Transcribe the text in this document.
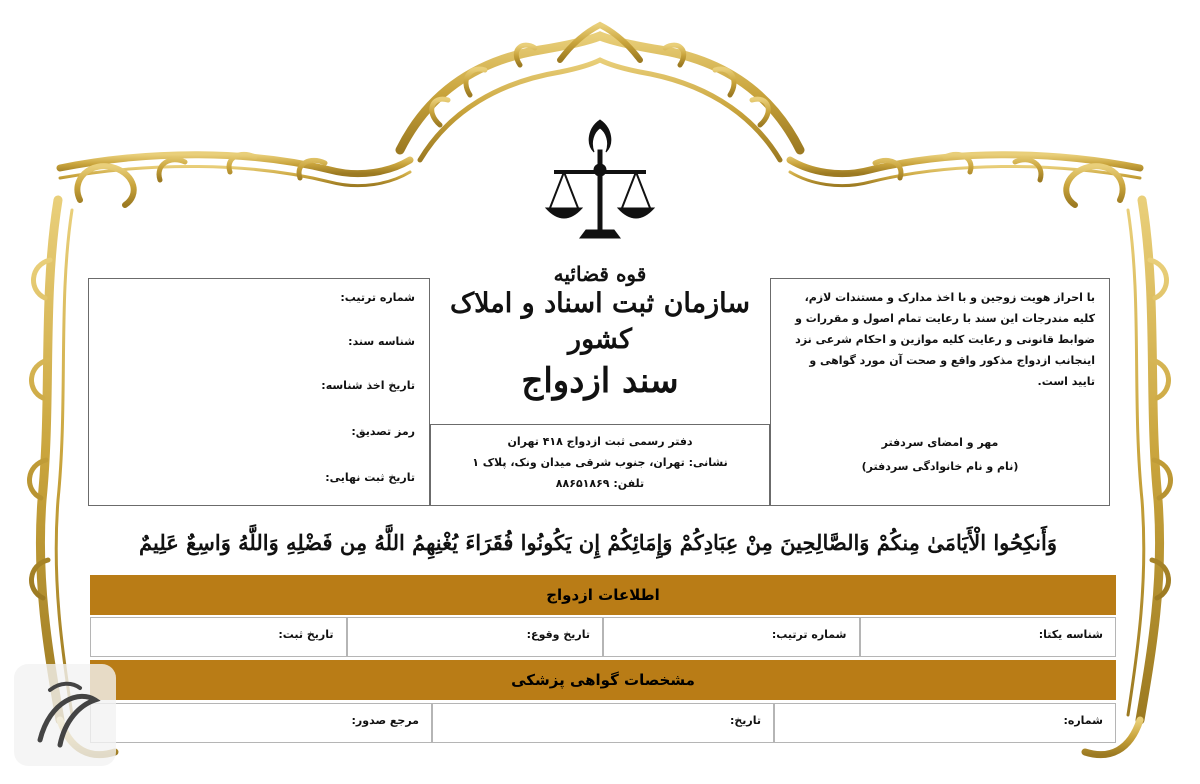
قوه قضائیه
سازمان ثبت اسناد و املاک کشور
سند ازدواج
شماره ترتیب:
شناسه سند:
تاریخ اخذ شناسه:
رمز تصدیق:
تاریخ ثبت نهایی:
دفتر رسمی ثبت ازدواج ۴۱۸ تهران
نشانی: تهران، جنوب شرقی میدان ونک، پلاک ۱
تلفن: ۸۸۶۵۱۸۶۹
با احراز هویت زوجین و با اخذ مدارک و مستندات لازم، کلیه مندرجات این سند با رعایت تمام اصول و مقررات و ضوابط قانونی و رعایت کلیه موازین و احکام شرعی نزد اینجانب ازدواج مذکور واقع و صحت آن مورد گواهی و تایید است.
مهر و امضای سردفتر
(نام و نام خانوادگی سردفتر)
وَأَنكِحُوا الْأَيَامَىٰ مِنكُمْ وَالصَّالِحِينَ مِنْ عِبَادِكُمْ وَإِمَائِكُمْ إِن يَكُونُوا فُقَرَاءَ يُغْنِهِمُ اللَّهُ مِن فَضْلِهِ وَاللَّهُ وَاسِعٌ عَلِيمٌ
اطلاعات ازدواج
شناسه یکتا:
شماره ترتیب:
تاریخ وقوع:
تاریخ ثبت:
مشخصات گواهی پزشکی
شماره:
تاریخ:
مرجع صدور:
